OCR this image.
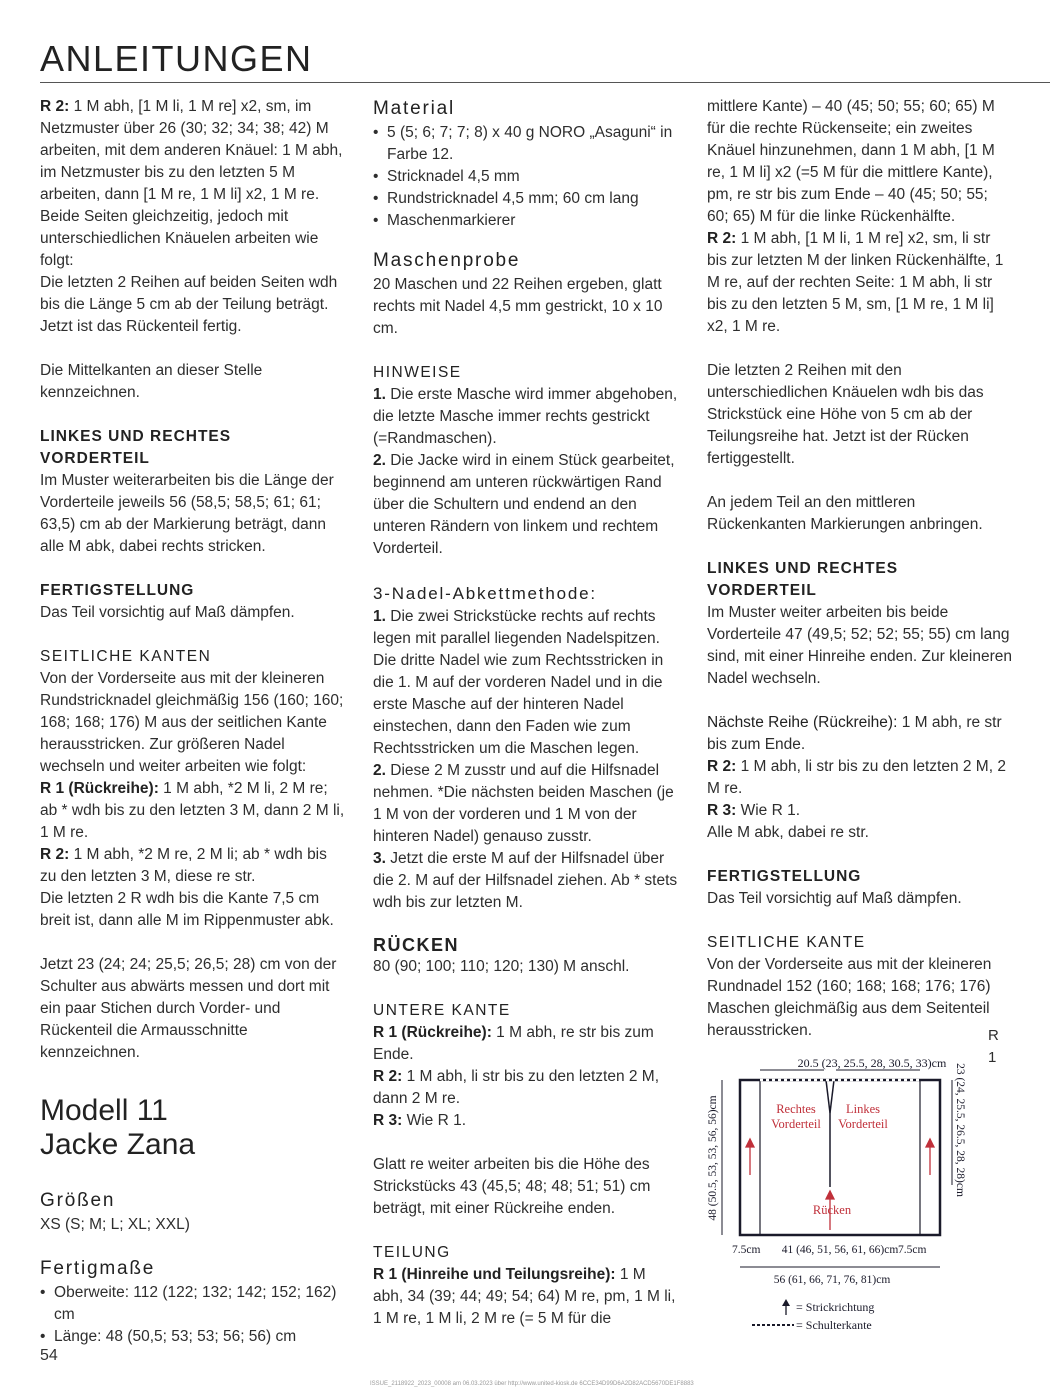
ANLEITUNGEN

R 2: 1 M abh, [1 M li, 1 M re] x2, sm, im Netzmuster über 26 (30; 32; 34; 38; 42) M arbeiten, mit dem anderen Knäuel: 1 M abh, im Netzmuster bis zu den letzten 5 M arbeiten, dann [1 M re, 1 M li] x2, 1 M re. Beide Seiten gleichzeitig, jedoch mit unterschiedlichen Knäuelen arbeiten wie folgt:

Die letzten 2 Reihen auf beiden Seiten wdh bis die Länge 5 cm ab der Teilung beträgt. Jetzt ist das Rückenteil fertig.

Die Mittelkanten an dieser Stelle kennzeichnen.

LINKES UND RECHTES VORDERTEIL

Im Muster weiterarbeiten bis die Länge der Vorderteile jeweils 56 (58,5; 58,5; 61; 61; 63,5) cm ab der Markierung beträgt, dann alle M abk, dabei rechts stricken.

FERTIGSTELLUNG

Das Teil vorsichtig auf Maß dämpfen.

SEITLICHE KANTEN

Von der Vorderseite aus mit der kleineren Rundstricknadel gleichmäßig 156 (160; 160; 168; 168; 176) M aus der seitlichen Kante herausstricken. Zur größeren Nadel wechseln und weiter arbeiten wie folgt:

R 1 (Rückreihe): 1 M abh, *2 M li, 2 M re; ab * wdh bis zu den letzten 3 M, dann 2 M li, 1 M re.

R 2: 1 M abh, *2 M re, 2 M li; ab * wdh bis zu den letzten 3 M, diese re str.

Die letzten 2 R wdh bis die Kante 7,5 cm breit ist, dann alle M im Rippenmuster abk.

Jetzt 23 (24; 24; 25,5; 26,5; 28) cm von der Schulter aus abwärts messen und dort mit ein paar Stichen durch Vorder- und Rückenteil die Armausschnitte kennzeichnen.

Modell 11

Jacke Zana

Größen

XS (S; M; L; XL; XXL)

Fertigmaße

•  Oberweite: 112 (122; 132; 142; 152; 162) cm

•  Länge: 48 (50,5; 53; 53; 56; 56) cm

Material

•  5 (5; 6; 7; 7; 8) x 40 g NORO „Asaguni“ in Farbe 12.

•  Stricknadel 4,5 mm

•  Rundstricknadel 4,5 mm; 60 cm lang

•  Maschenmarkierer

Maschenprobe

20 Maschen und 22 Reihen ergeben, glatt rechts mit Nadel 4,5 mm gestrickt, 10 x 10 cm.

HINWEISE

1. Die erste Masche wird immer abgehoben, die letzte Masche immer rechts gestrickt (=Randmaschen).

2. Die Jacke wird in einem Stück gearbeitet, beginnend am unteren rückwärtigen Rand über die Schultern und endend an den unteren Rändern von linkem und rechtem Vorderteil.

3-Nadel-Abkettmethode:

1. Die zwei Strickstücke rechts auf rechts legen mit parallel liegenden Nadelspitzen. Die dritte Nadel wie zum Rechtsstricken in die 1. M auf der vorderen Nadel und in die erste Masche auf der hinteren Nadel einstechen, dann den Faden wie zum Rechtsstricken um die Maschen legen.

2. Diese 2 M zusstr und auf die Hilfsnadel nehmen. *Die nächsten beiden Maschen (je 1 M von der vorderen und 1 M von der hinteren Nadel) genauso zusstr.

3. Jetzt die erste M auf der Hilfsnadel über die 2. M auf der Hilfsnadel ziehen. Ab * stets wdh bis zur letzten M.

RÜCKEN

80 (90; 100; 110; 120; 130) M anschl.

UNTERE KANTE

R 1 (Rückreihe): 1 M abh, re str bis zum Ende.

R 2: 1 M abh, li str bis zu den letzten 2 M, dann 2 M re.

R 3: Wie R 1.

Glatt re weiter arbeiten bis die Höhe des Strickstücks 43 (45,5; 48; 48; 51; 51) cm beträgt, mit einer Rückreihe enden.

TEILUNG

R 1 (Hinreihe und Teilungsreihe): 1 M abh, 34 (39; 44; 49; 54; 64) M re, pm, 1 M li, 1 M re, 1 M li, 2 M re (= 5 M für die

mittlere Kante) – 40 (45; 50; 55; 60; 65) M für die rechte Rückenseite; ein zweites Knäuel hinzunehmen, dann 1 M abh, [1 M re, 1 M li] x2 (=5 M für die mittlere Kante), pm, re str bis zum Ende – 40 (45; 50; 55; 60; 65) M für die linke Rückenhälfte.

R 2: 1 M abh, [1 M li, 1 M re] x2, sm, li str bis zur letzten M der linken Rückenhälfte, 1 M re, auf der rechten Seite: 1 M abh, li str bis zu den letzten 5 M, sm, [1 M re, 1 M li] x2, 1 M re.

Die letzten 2 Reihen mit den unterschiedlichen Knäuelen wdh bis das Strickstück eine Höhe von 5 cm ab der Teilungsreihe hat. Jetzt ist der Rücken fertiggestellt.

An jedem Teil an den mittleren Rückenkanten Markierungen anbringen.

LINKES UND RECHTES VORDERTEIL

Im Muster weiter arbeiten bis beide Vorderteile 47 (49,5; 52; 52; 55; 55) cm lang sind, mit einer Hinreihe enden. Zur kleineren Nadel wechseln.

Nächste Reihe (Rückreihe): 1 M abh, re str bis zum Ende.

R 2: 1 M abh, li str bis zu den letzten 2 M, 2 M re.

R 3: Wie R 1.

Alle M abk, dabei re str.

FERTIGSTELLUNG

Das Teil vorsichtig auf Maß dämpfen.

SEITLICHE KANTE

Von der Vorderseite aus mit der kleineren Rundnadel 152 (160; 168; 168; 176; 176) Maschen gleichmäßig aus dem Seitenteil herausstricken.	R
1
20.5 (23, 25.5, 28, 30.5, 33)cm
Rechtes
Vorderteil
Linkes
Vorderteil
Rücken
48 (50.5, 53, 53, 56, 56)cm	23 (24, 25.5, 26.5, 28, 28)cm
7.5cm 41 (46, 51, 56, 61, 66)cm 7.5cm
56 (61, 66, 71, 76, 81)cm
= Strickrichtung
= Schulterkante
54
ISSUE_2118922_2023_00008 am 06.03.2023 über http://www.united-kiosk.de 6CCE34D99D6A2D82ACD5670DE1F8883
